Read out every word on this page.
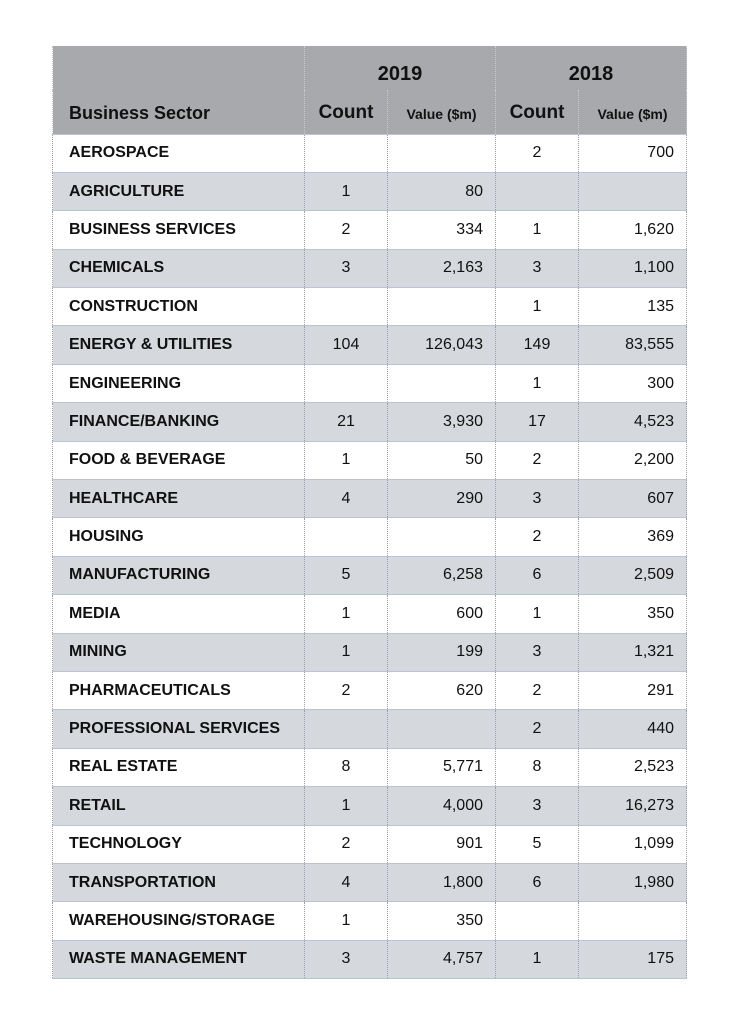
	2019		2018	
Business Sector	Count	Value ($m)	Count	Value ($m)
AEROSPACE			2	700
AGRICULTURE	1	80		
BUSINESS SERVICES	2	334	1	1,620
CHEMICALS	3	2,163	3	1,100
CONSTRUCTION			1	135
ENERGY & UTILITIES	104	126,043	149	83,555
ENGINEERING			1	300
FINANCE/BANKING	21	3,930	17	4,523
FOOD & BEVERAGE	1	50	2	2,200
HEALTHCARE	4	290	3	607
HOUSING			2	369
MANUFACTURING	5	6,258	6	2,509
MEDIA	1	600	1	350
MINING	1	199	3	1,321
PHARMACEUTICALS	2	620	2	291
PROFESSIONAL SERVICES			2	440
REAL ESTATE	8	5,771	8	2,523
RETAIL	1	4,000	3	16,273
TECHNOLOGY	2	901	5	1,099
TRANSPORTATION	4	1,800	6	1,980
WAREHOUSING/STORAGE	1	350		
WASTE MANAGEMENT	3	4,757	1	175
